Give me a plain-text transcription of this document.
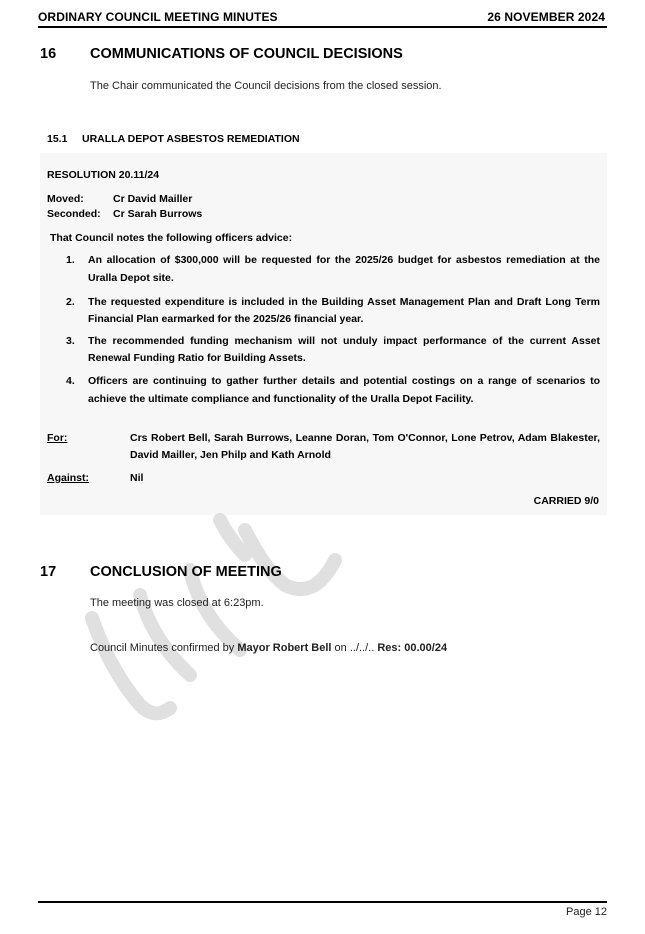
ORDINARY COUNCIL MEETING MINUTES	26 NOVEMBER 2024
16 COMMUNICATIONS OF COUNCIL DECISIONS
The Chair communicated the Council decisions from the closed session.
15.1 URALLA DEPOT ASBESTOS REMEDIATION
RESOLUTION 20.11/24
Moved:	Cr David Mailler
Seconded: Cr Sarah Burrows
That Council notes the following officers advice:
1. An allocation of $300,000 will be requested for the 2025/26 budget for asbestos remediation at the Uralla Depot site.
2. The requested expenditure is included in the Building Asset Management Plan and Draft Long Term Financial Plan earmarked for the 2025/26 financial year.
3. The recommended funding mechanism will not unduly impact performance of the current Asset Renewal Funding Ratio for Building Assets.
4. Officers are continuing to gather further details and potential costings on a range of scenarios to achieve the ultimate compliance and functionality of the Uralla Depot Facility.
For:	Crs Robert Bell, Sarah Burrows, Leanne Doran, Tom O'Connor, Lone Petrov, Adam Blakester, David Mailler, Jen Philp and Kath Arnold
Against:	Nil
CARRIED 9/0
17 CONCLUSION OF MEETING
The meeting was closed at 6:23pm.
Council Minutes confirmed by Mayor Robert Bell on ../../.. Res: 00.00/24
Page 12
